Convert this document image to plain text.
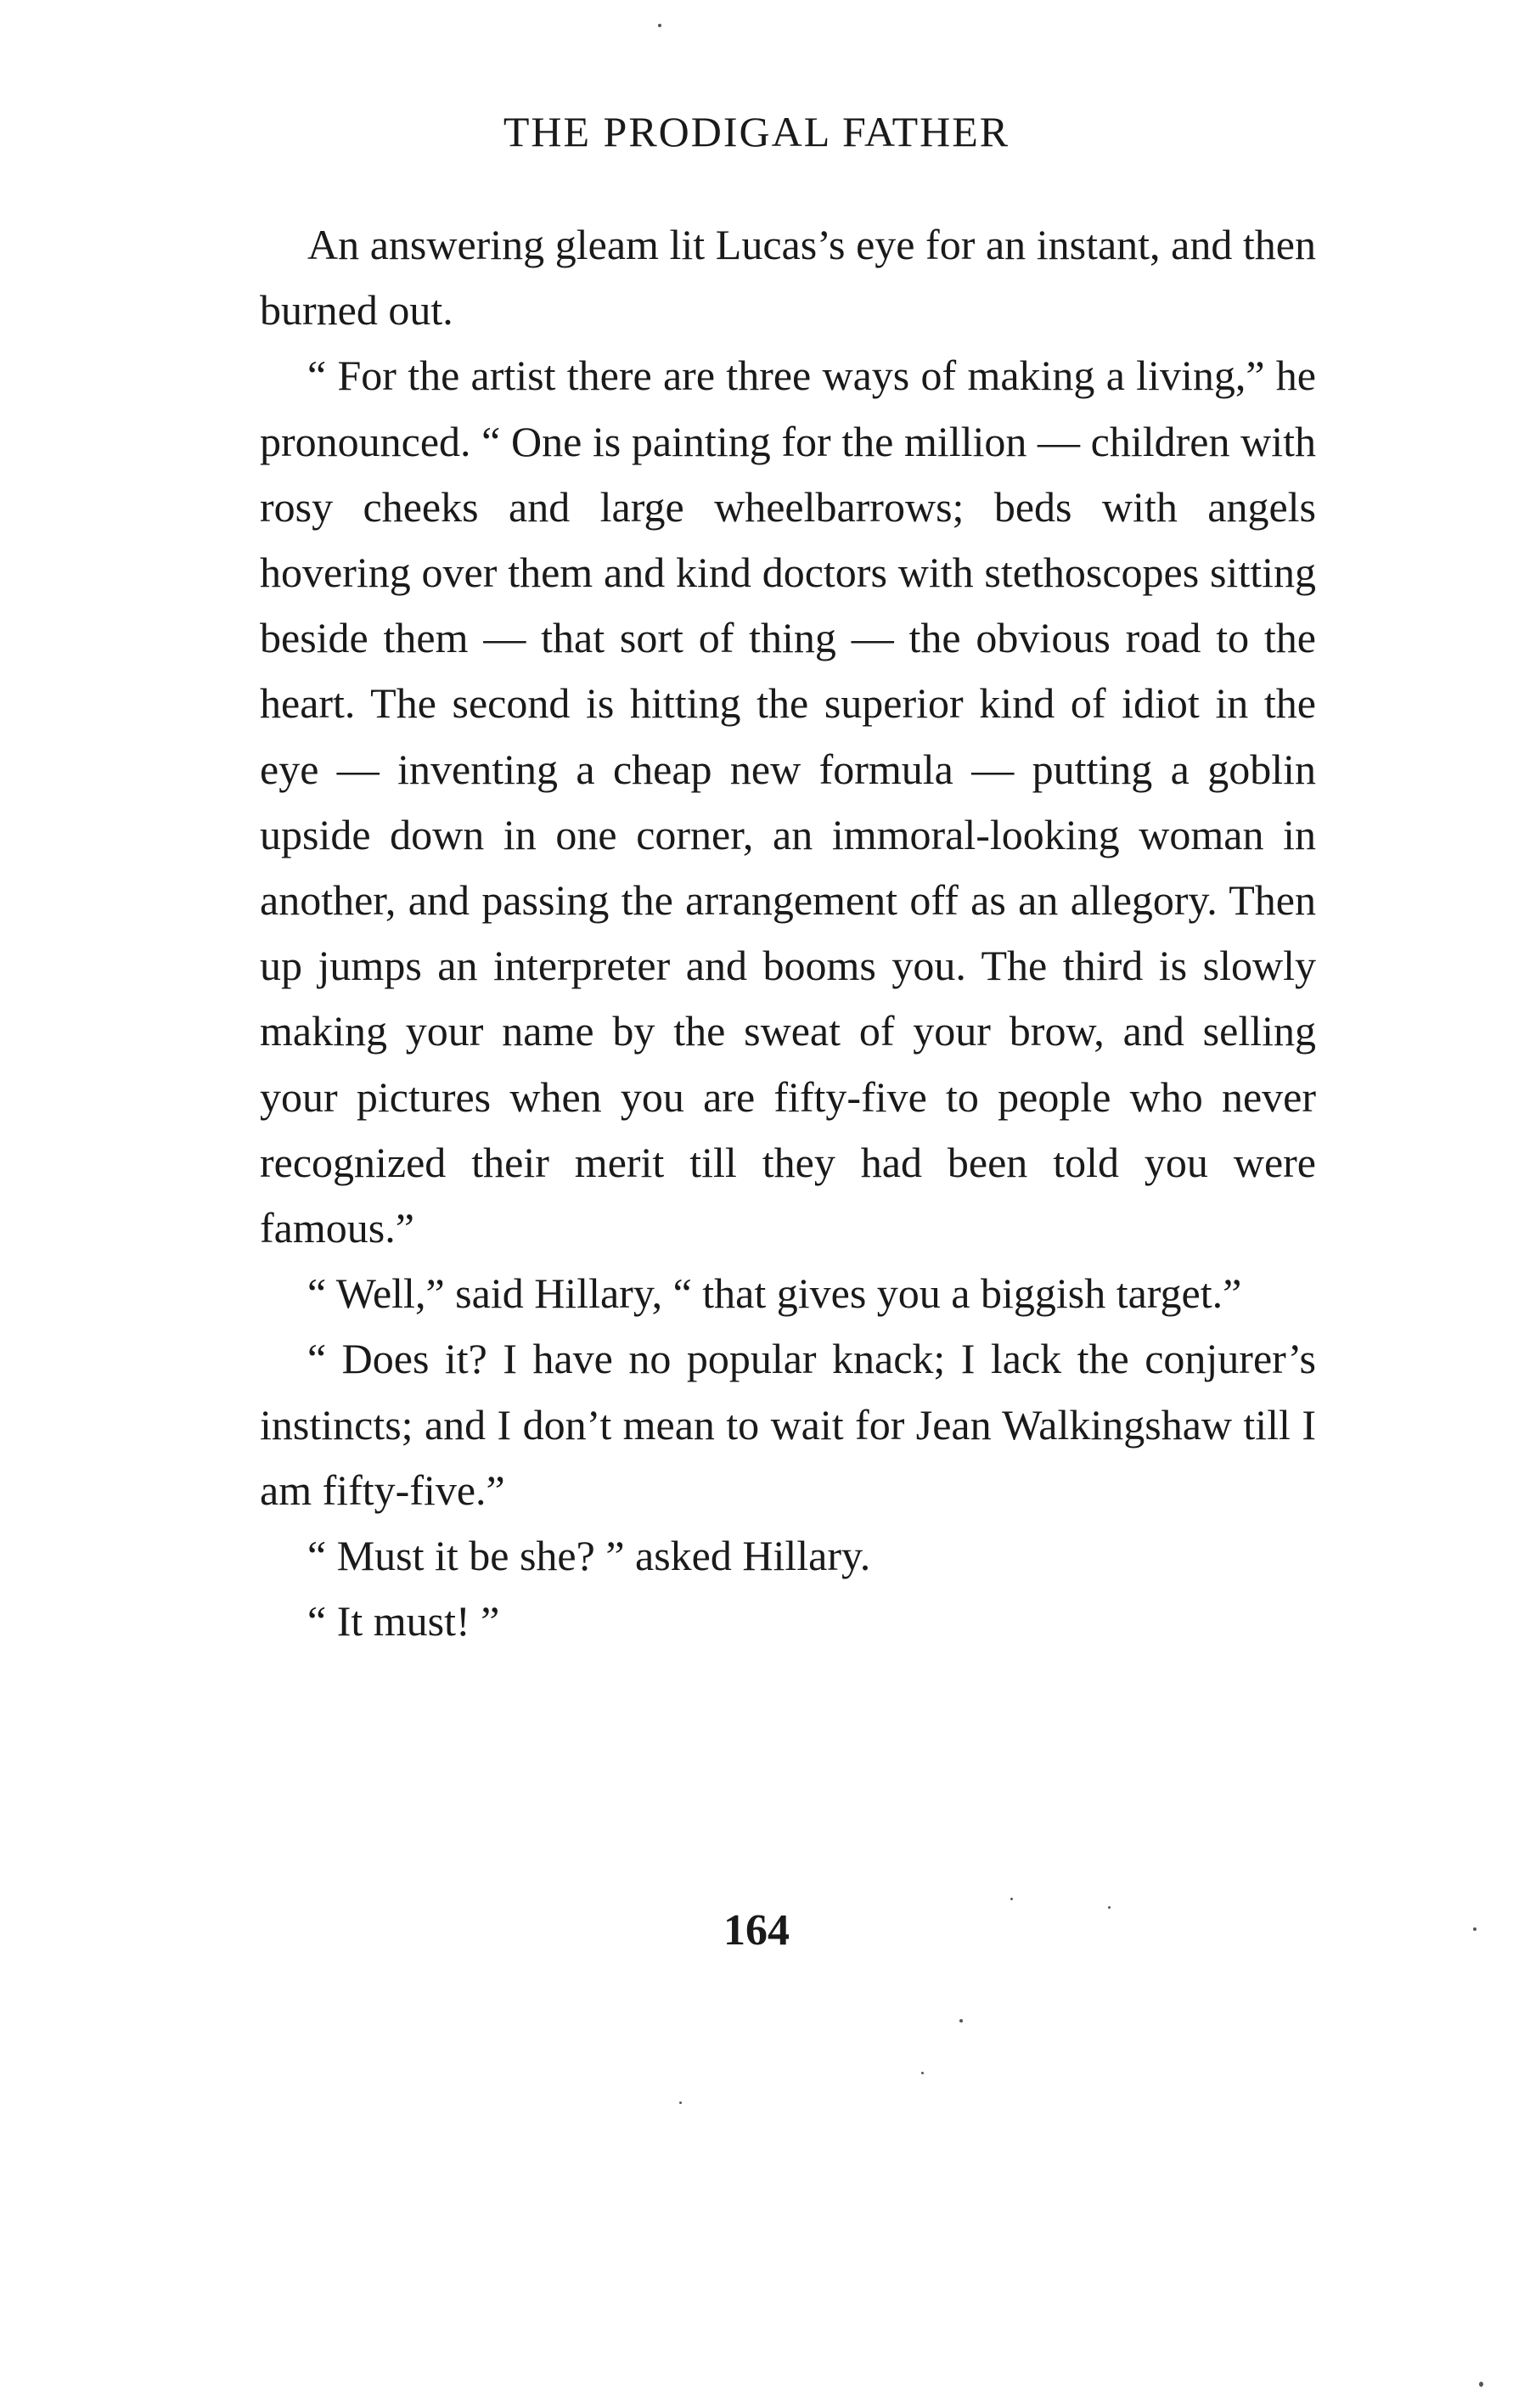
THE PRODIGAL FATHER

An answering gleam lit Lucas’s eye for an instant, and then burned out.

“ For the artist there are three ways of making a living,” he pronounced. “ One is painting for the million — children with rosy cheeks and large wheelbarrows; beds with angels hovering over them and kind doctors with stethoscopes sitting beside them — that sort of thing — the obvious road to the heart. The second is hitting the superior kind of idiot in the eye — inventing a cheap new formula — putting a goblin upside down in one corner, an immoral-looking woman in another, and passing the arrangement off as an allegory. Then up jumps an interpreter and booms you. The third is slowly making your name by the sweat of your brow, and selling your pictures when you are fifty-five to people who never recognized their merit till they had been told you were famous.”

“ Well,” said Hillary, “ that gives you a biggish target.”

“ Does it? I have no popular knack; I lack the conjurer’s instincts; and I don’t mean to wait for Jean Walkingshaw till I am fifty-five.”

“ Must it be she? ” asked Hillary.

“ It must! ”

164
